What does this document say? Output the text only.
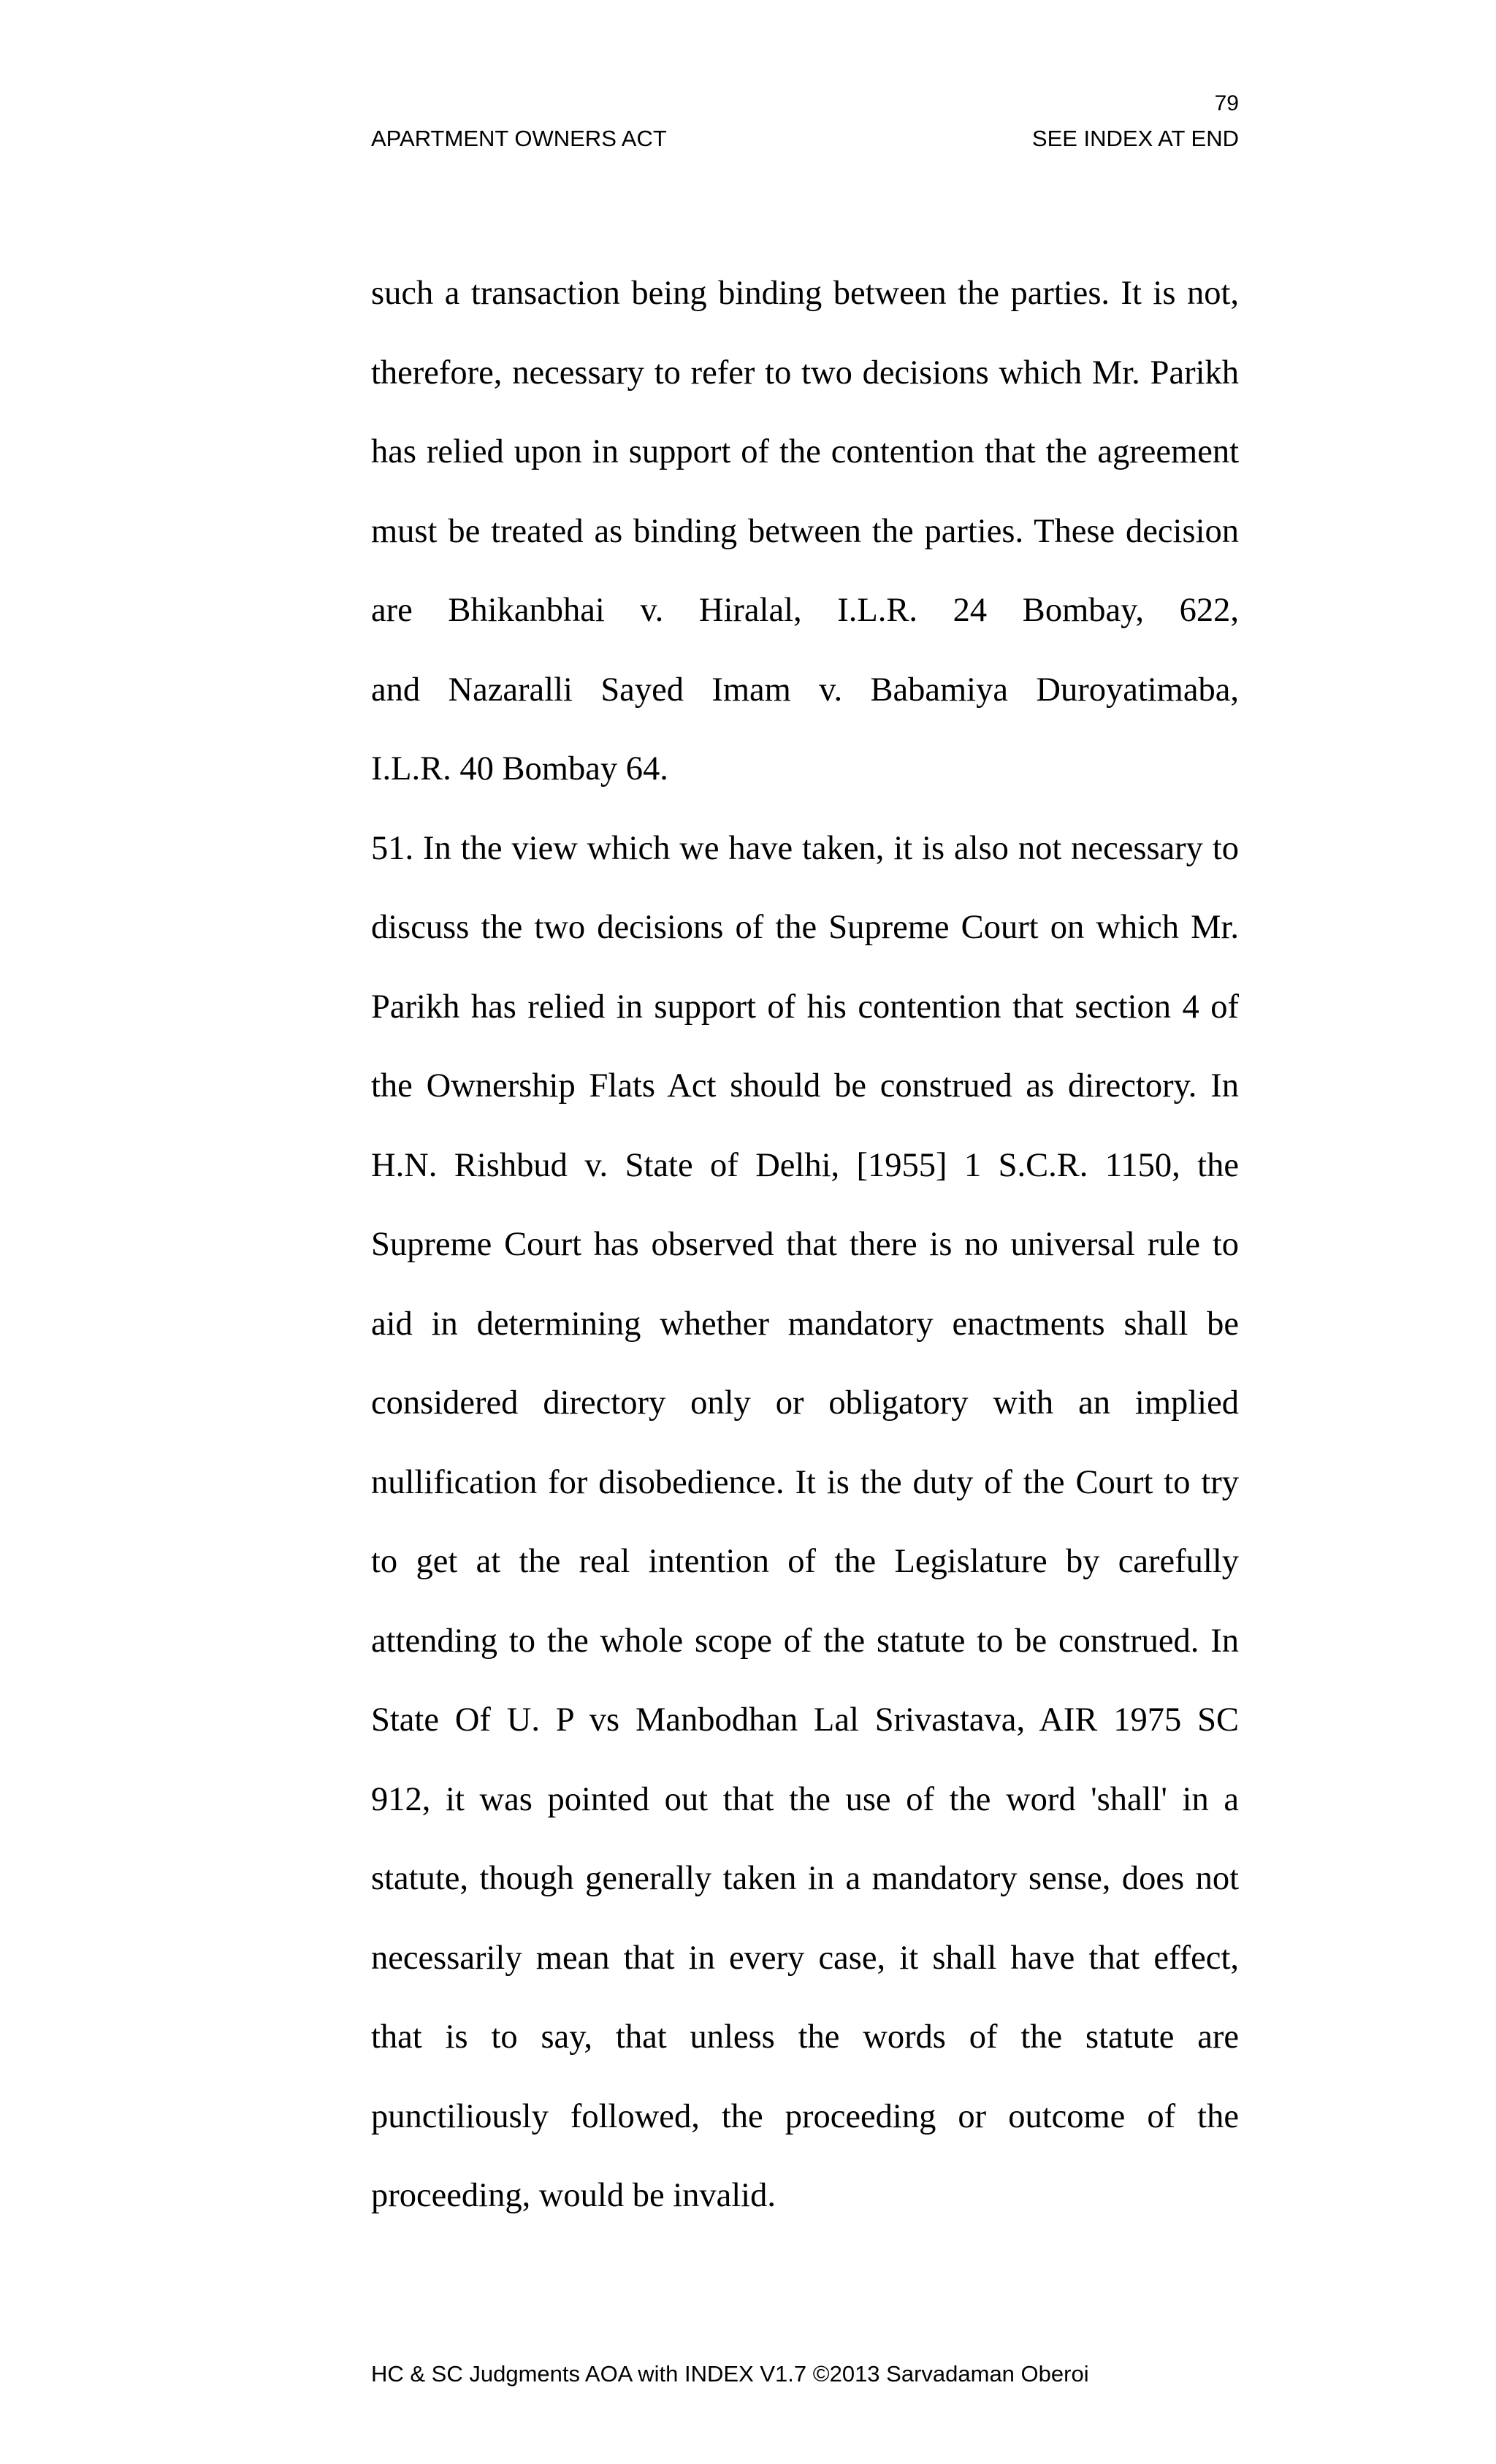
79
APARTMENT OWNERS ACT	SEE INDEX AT END

such a transaction being binding between the parties. It is not,
therefore, necessary to refer to two decisions which Mr. Parikh
has relied upon in support of the contention that the agreement
must be treated as binding between the parties. These decision
are Bhikanbhai v. Hiralal, I.L.R. 24 Bombay, 622,
and Nazaralli Sayed Imam v. Babamiya Duroyatimaba,
I.L.R. 40 Bombay 64.

51. In the view which we have taken, it is also not necessary to
discuss the two decisions of the Supreme Court on which Mr.
Parikh has relied in support of his contention that section 4 of
the Ownership Flats Act should be construed as directory. In
H.N. Rishbud v. State of Delhi, [1955] 1 S.C.R. 1150, the
Supreme Court has observed that there is no universal rule to
aid in determining whether mandatory enactments shall be
considered directory only or obligatory with an implied
nullification for disobedience. It is the duty of the Court to try
to get at the real intention of the Legislature by carefully
attending to the whole scope of the statute to be construed. In
State Of U. P vs Manbodhan Lal Srivastava, AIR 1975 SC
912, it was pointed out that the use of the word 'shall' in a
statute, though generally taken in a mandatory sense, does not
necessarily mean that in every case, it shall have that effect,
that is to say, that unless the words of the statute are
punctiliously followed, the proceeding or outcome of the
proceeding, would be invalid.

HC & SC Judgments AOA with INDEX V1.7 ©2013 Sarvadaman Oberoi
